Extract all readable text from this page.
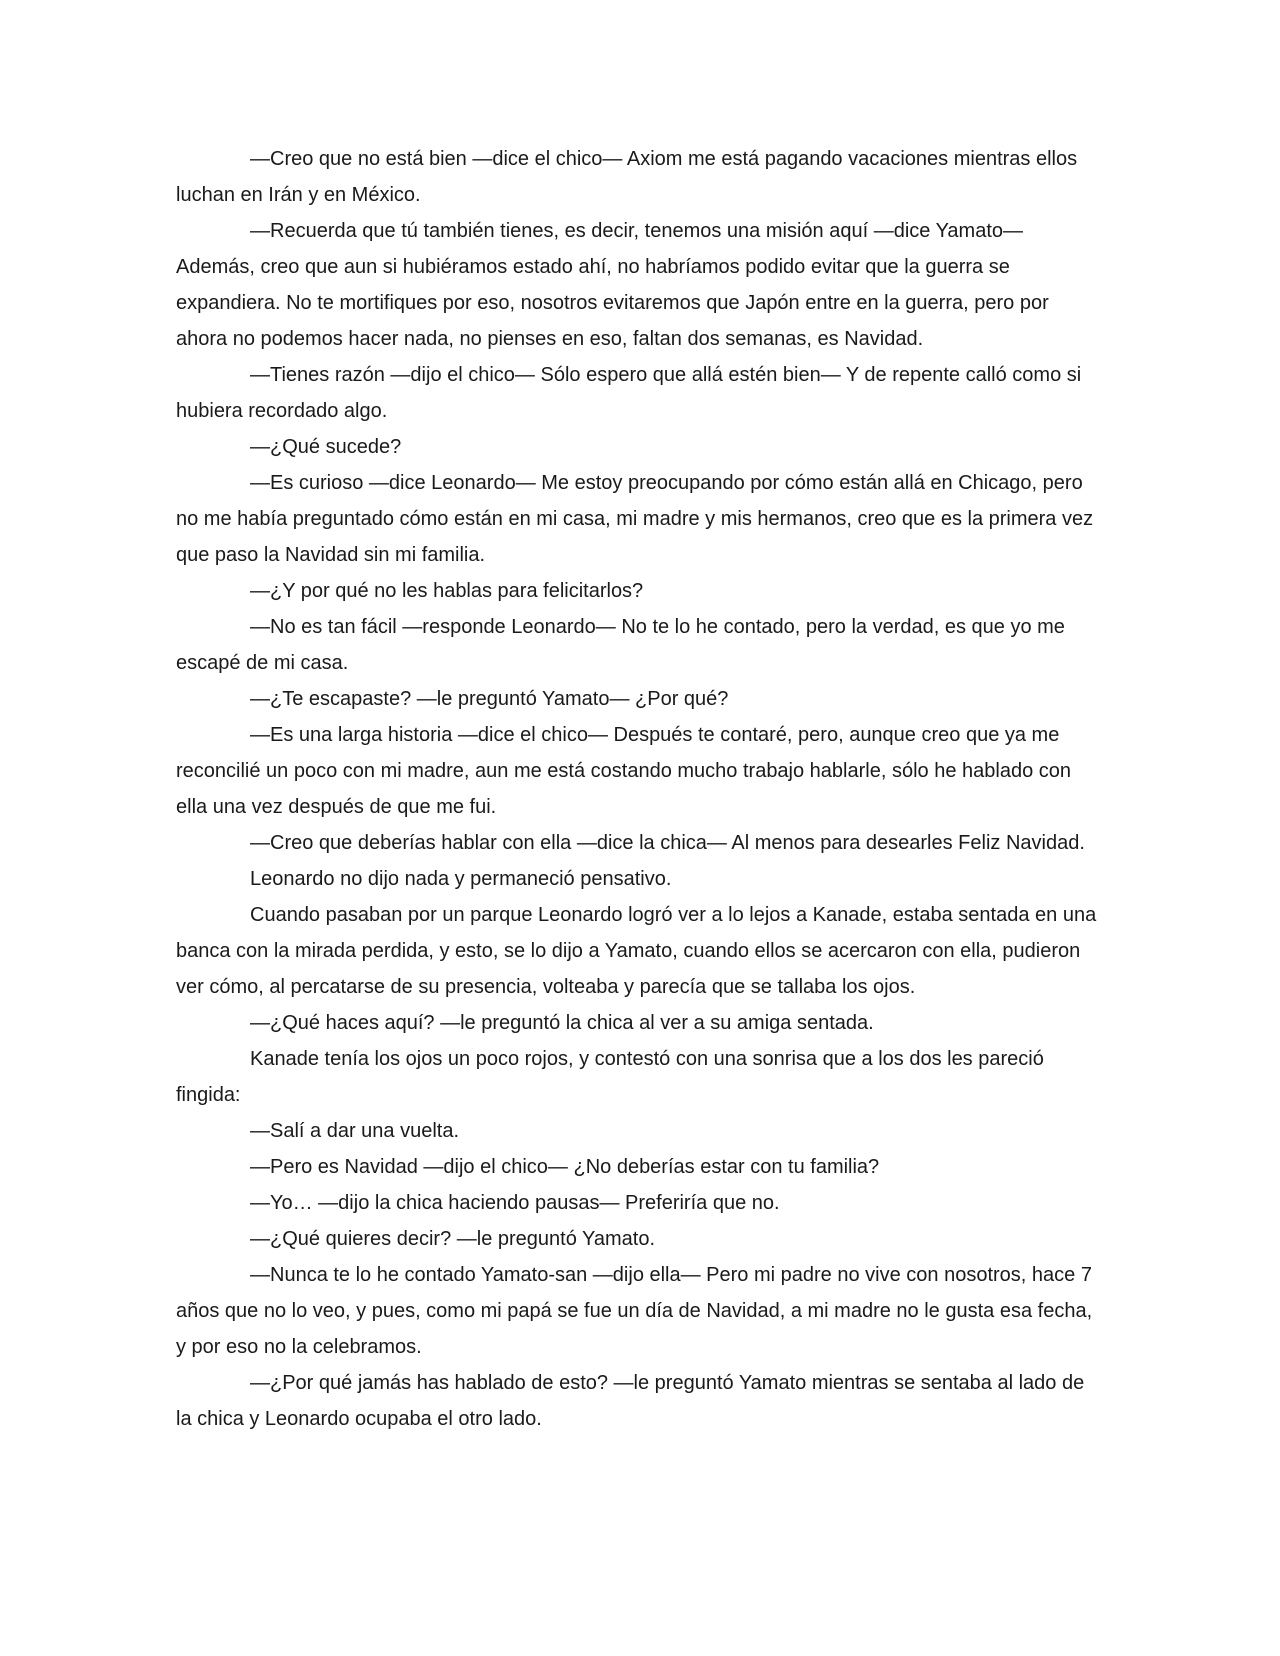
—Creo que no está bien —dice el chico— Axiom me está pagando vacaciones mientras ellos luchan en Irán y en México.

—Recuerda que tú también tienes, es decir, tenemos una misión aquí —dice Yamato— Además, creo que aun si hubiéramos estado ahí, no habríamos podido evitar que la guerra se expandiera. No te mortifiques por eso, nosotros evitaremos que Japón entre en la guerra, pero por ahora no podemos hacer nada, no pienses en eso, faltan dos semanas, es Navidad.

—Tienes razón —dijo el chico— Sólo espero que allá estén bien— Y de repente calló como si hubiera recordado algo.

—¿Qué sucede?

—Es curioso —dice Leonardo— Me estoy preocupando por cómo están allá en Chicago, pero no me había preguntado cómo están en mi casa, mi madre y mis hermanos, creo que es la primera vez que paso la Navidad sin mi familia.

—¿Y por qué no les hablas para felicitarlos?

—No es tan fácil —responde Leonardo— No te lo he contado, pero la verdad, es que yo me escapé de mi casa.

—¿Te escapaste? —le preguntó Yamato— ¿Por qué?

—Es una larga historia —dice el chico— Después te contaré, pero, aunque creo que ya me reconcilié un poco con mi madre, aun me está costando mucho trabajo hablarle, sólo he hablado con ella una vez después de que me fui.

—Creo que deberías hablar con ella —dice la chica— Al menos para desearles Feliz Navidad.

Leonardo no dijo nada y permaneció pensativo.

Cuando pasaban por un parque Leonardo logró ver a lo lejos a Kanade, estaba sentada en una banca con la mirada perdida, y esto, se lo dijo a Yamato, cuando ellos se acercaron con ella, pudieron ver cómo, al percatarse de su presencia, volteaba y parecía que se tallaba los ojos.

—¿Qué haces aquí? —le preguntó la chica al ver a su amiga sentada.

Kanade tenía los ojos un poco rojos, y contestó con una sonrisa que a los dos les pareció fingida:

—Salí a dar una vuelta.

—Pero es Navidad —dijo el chico— ¿No deberías estar con tu familia?

—Yo… —dijo la chica haciendo pausas— Preferiría que no.

—¿Qué quieres decir? —le preguntó Yamato.

—Nunca te lo he contado Yamato-san —dijo ella— Pero mi padre no vive con nosotros, hace 7 años que no lo veo, y pues, como mi papá se fue un día de Navidad, a mi madre no le gusta esa fecha, y por eso no la celebramos.

—¿Por qué jamás has hablado de esto? —le preguntó Yamato mientras se sentaba al lado de la chica y Leonardo ocupaba el otro lado.
